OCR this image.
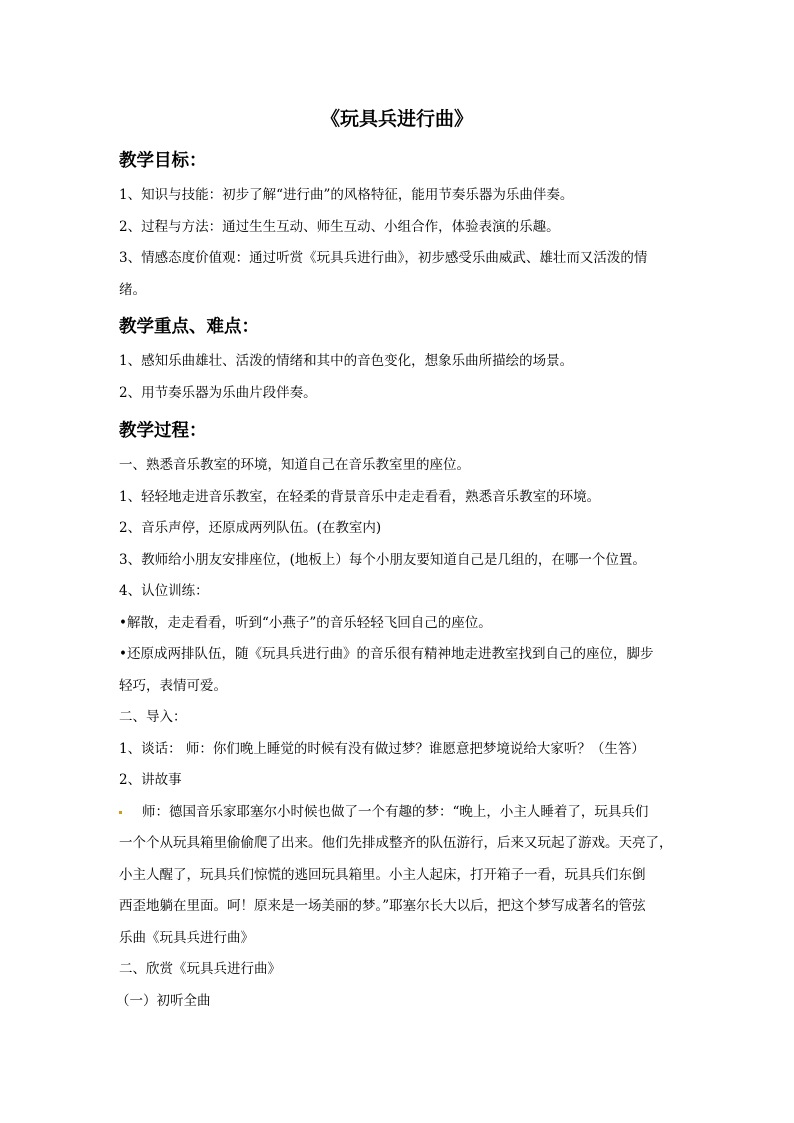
《玩具兵进行曲》
教学目标：
1、知识与技能：初步了解“进行曲”的风格特征，能用节奏乐器为乐曲伴奏。
2、过程与方法：通过生生互动、师生互动、小组合作，体验表演的乐趣。
3、情感态度价值观：通过听赏《玩具兵进行曲》，初步感受乐曲威武、雄壮而又活泼的情
绪。
教学重点、难点：
1、感知乐曲雄壮、活泼的情绪和其中的音色变化，想象乐曲所描绘的场景。
2、用节奏乐器为乐曲片段伴奏。
教学过程：
一、熟悉音乐教室的环境，知道自己在音乐教室里的座位。
1、轻轻地走进音乐教室，在轻柔的背景音乐中走走看看，熟悉音乐教室的环境。
2、音乐声停，还原成两列队伍。(在教室内)
3、教师给小朋友安排座位，(地板上）每个小朋友要知道自己是几组的，在哪一个位置。
4、认位训练：
•解散，走走看看，听到“小燕子”的音乐轻轻飞回自己的座位。
•还原成两排队伍，随《玩具兵进行曲》的音乐很有精神地走进教室找到自己的座位，脚步
轻巧，表情可爱。
二、导入：
1、谈话： 师：你们晚上睡觉的时候有没有做过梦？谁愿意把梦境说给大家听？（生答）
2、讲故事
师：德国音乐家耶塞尔小时候也做了一个有趣的梦：“晚上，小主人睡着了，玩具兵们
一个个从玩具箱里偷偷爬了出来。他们先排成整齐的队伍游行，后来又玩起了游戏。天亮了，
小主人醒了，玩具兵们惊慌的逃回玩具箱里。小主人起床，打开箱子一看，玩具兵们东倒
西歪地躺在里面。呵！原来是一场美丽的梦。”耶塞尔长大以后，把这个梦写成著名的管弦
乐曲《玩具兵进行曲》
二、欣赏《玩具兵进行曲》
（一）初听全曲
